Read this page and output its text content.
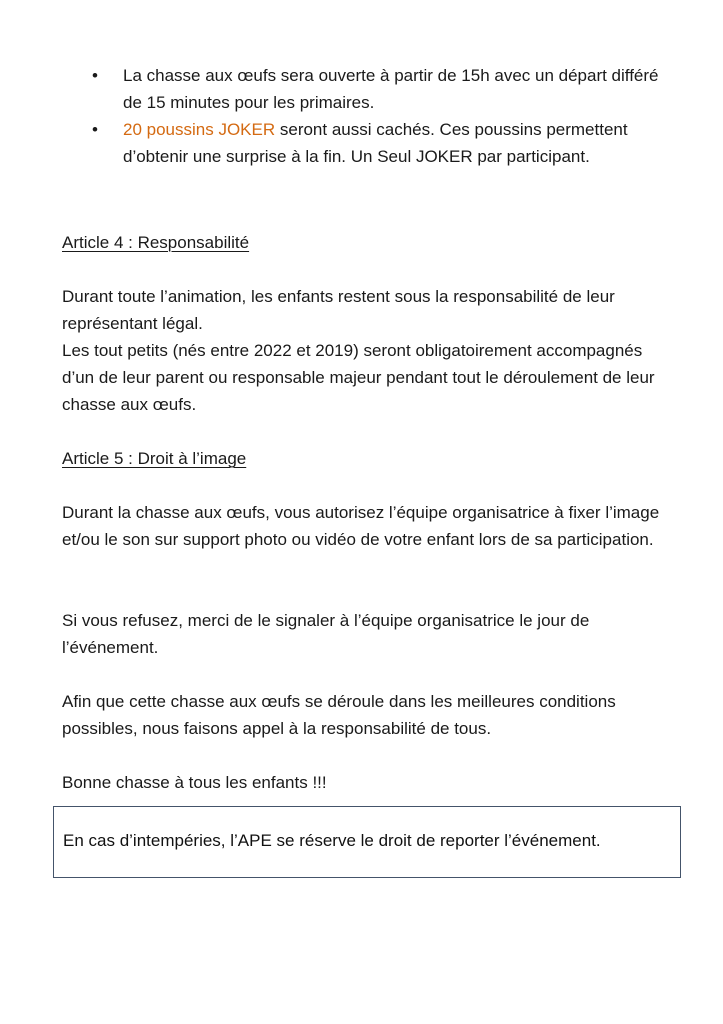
• La chasse aux œufs sera ouverte à partir de 15h avec un départ différé de 15 minutes pour les primaires.
• 20 poussins JOKER seront aussi cachés. Ces poussins permettent d’obtenir une surprise à la fin. Un Seul JOKER par participant.

Article 4 : Responsabilité

Durant toute l’animation, les enfants restent sous la responsabilité de leur représentant légal.

Les tout petits (nés entre 2022 et 2019) seront obligatoirement accompagnés d’un de leur parent ou responsable majeur pendant tout le déroulement de leur chasse aux œufs.

Article 5 : Droit à l’image

Durant la chasse aux œufs, vous autorisez l’équipe organisatrice à fixer l’image et/ou le son sur support photo ou vidéo de votre enfant lors de sa participation.

Si vous refusez, merci de le signaler à l’équipe organisatrice le jour de l’événement.

Afin que cette chasse aux œufs se déroule dans les meilleures conditions possibles, nous faisons appel à la responsabilité de tous.

Bonne chasse à tous les enfants !!!

En cas d’intempéries, l’APE se réserve le droit de reporter l’événement.
